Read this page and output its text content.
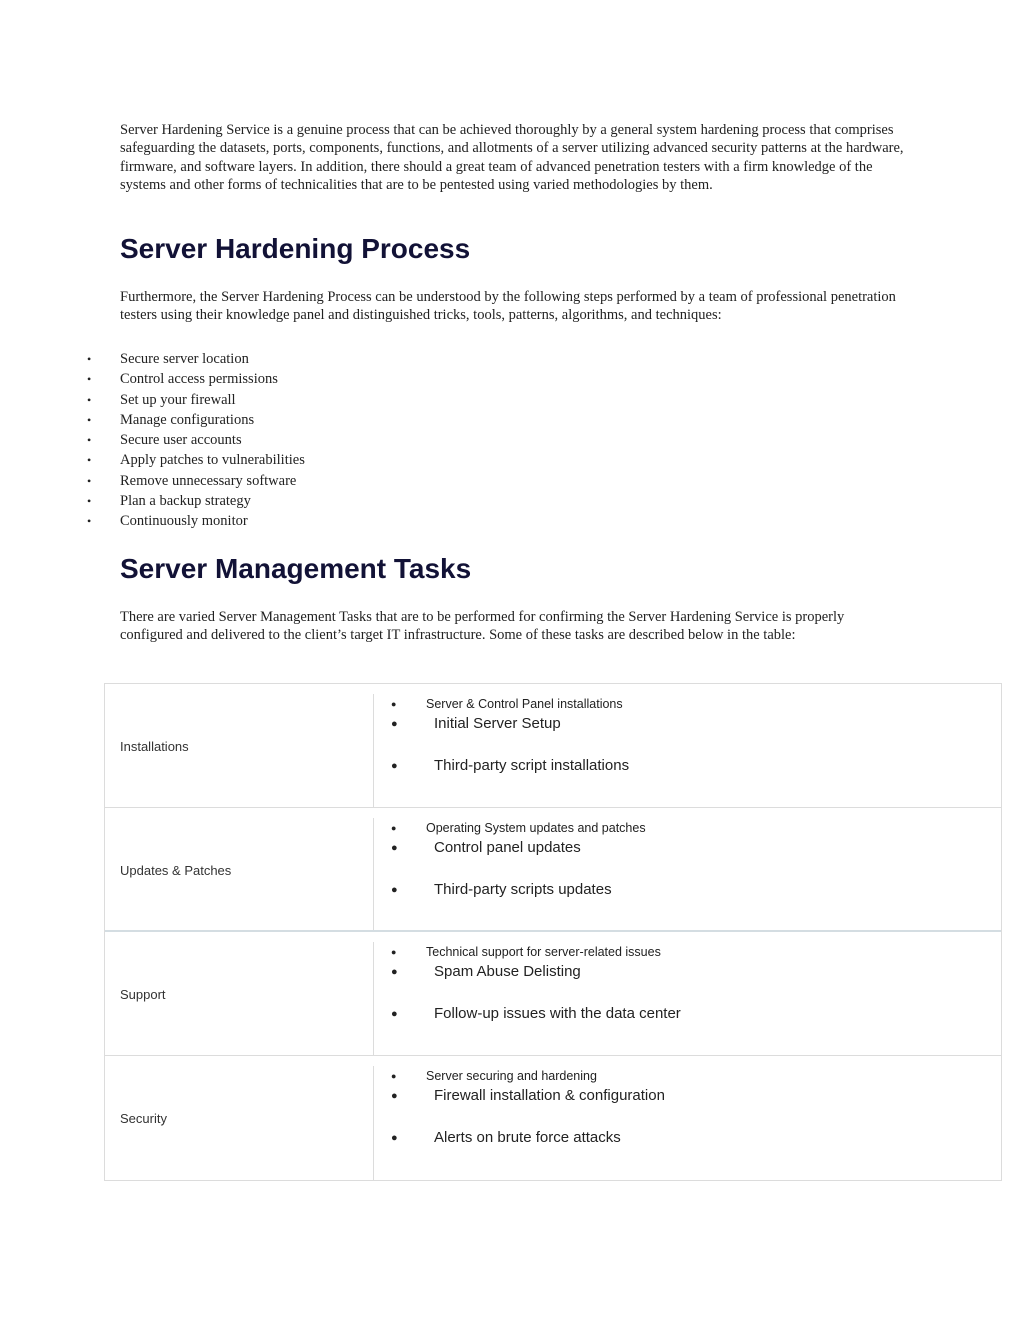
Server Hardening Service is a genuine process that can be achieved thoroughly by a general system hardening process that comprises safeguarding the datasets, ports, components, functions, and allotments of a server utilizing advanced security patterns at the hardware, firmware, and software layers. In addition, there should a great team of advanced penetration testers with a firm knowledge of the systems and other forms of technicalities that are to be pentested using varied methodologies by them.

Server Hardening Process

Furthermore, the Server Hardening Process can be understood by the following steps performed by a team of professional penetration testers using their knowledge panel and distinguished tricks, tools, patterns, algorithms, and techniques:

• Secure server location
• Control access permissions
• Set up your firewall
• Manage configurations
• Secure user accounts
• Apply patches to vulnerabilities
• Remove unnecessary software
• Plan a backup strategy
• Continuously monitor
Server Management Tasks

There are varied Server Management Tasks that are to be performed for confirming the Server Hardening Service is properly configured and delivered to the client’s target IT infrastructure. Some of these tasks are described below in the table:

Installations
● Server & Control Panel installations
● Initial Server Setup
● Third-party script installations
Updates & Patches
● Operating System updates and patches
● Control panel updates
● Third-party scripts updates
Support
● Technical support for server-related issues
● Spam Abuse Delisting
● Follow-up issues with the data center
Security
● Server securing and hardening
● Firewall installation & configuration
● Alerts on brute force attacks
